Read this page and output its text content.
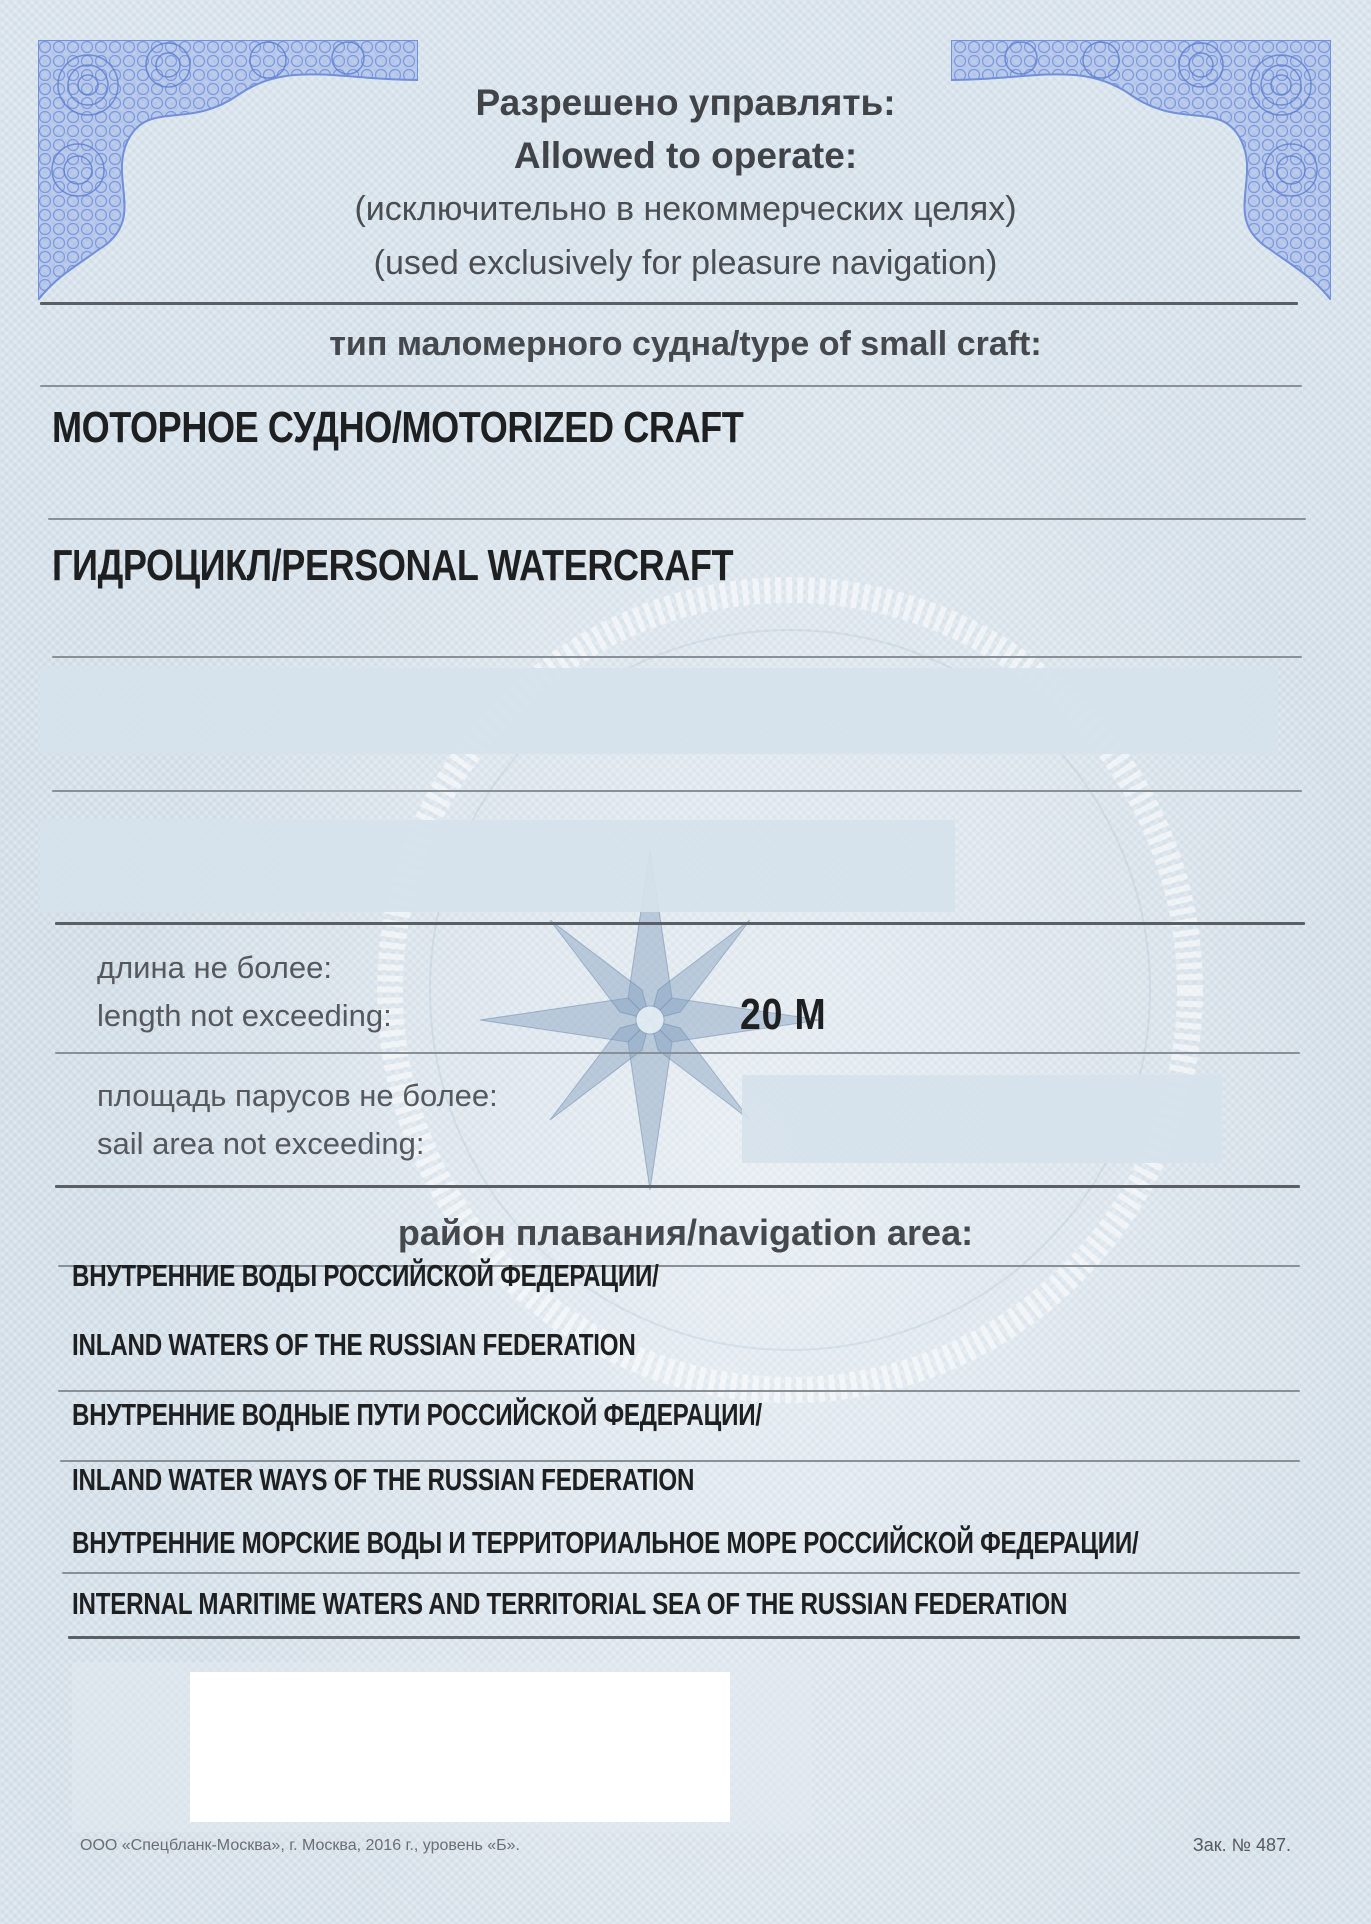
Разрешено управлять:
Allowed to operate:
(исключительно в некоммерческих целях)
(used exclusively for pleasure navigation)
тип маломерного судна/type of small craft:
МОТОРНОЕ СУДНО/MOTORIZED CRAFT
ГИДРОЦИКЛ/PERSONAL WATERCRAFT
длина не более:
length not exceeding:	20 М
площадь парусов не более:
sail area not exceeding:
район плавания/navigation area:
ВНУТРЕННИЕ ВОДЫ РОССИЙСКОЙ ФЕДЕРАЦИИ/
INLAND WATERS OF THE RUSSIAN FEDERATION
ВНУТРЕННИЕ ВОДНЫЕ ПУТИ РОССИЙСКОЙ ФЕДЕРАЦИИ/
INLAND WATER WAYS OF THE RUSSIAN FEDERATION
ВНУТРЕННИЕ МОРСКИЕ ВОДЫ И ТЕРРИТОРИАЛЬНОЕ МОРЕ РОССИЙСКОЙ ФЕДЕРАЦИИ/
INTERNAL MARITIME WATERS AND TERRITORIAL SEA OF THE RUSSIAN FEDERATION
ООО «Спецбланк-Москва», г. Москва, 2016 г., уровень «Б».	Зак. № 487.
